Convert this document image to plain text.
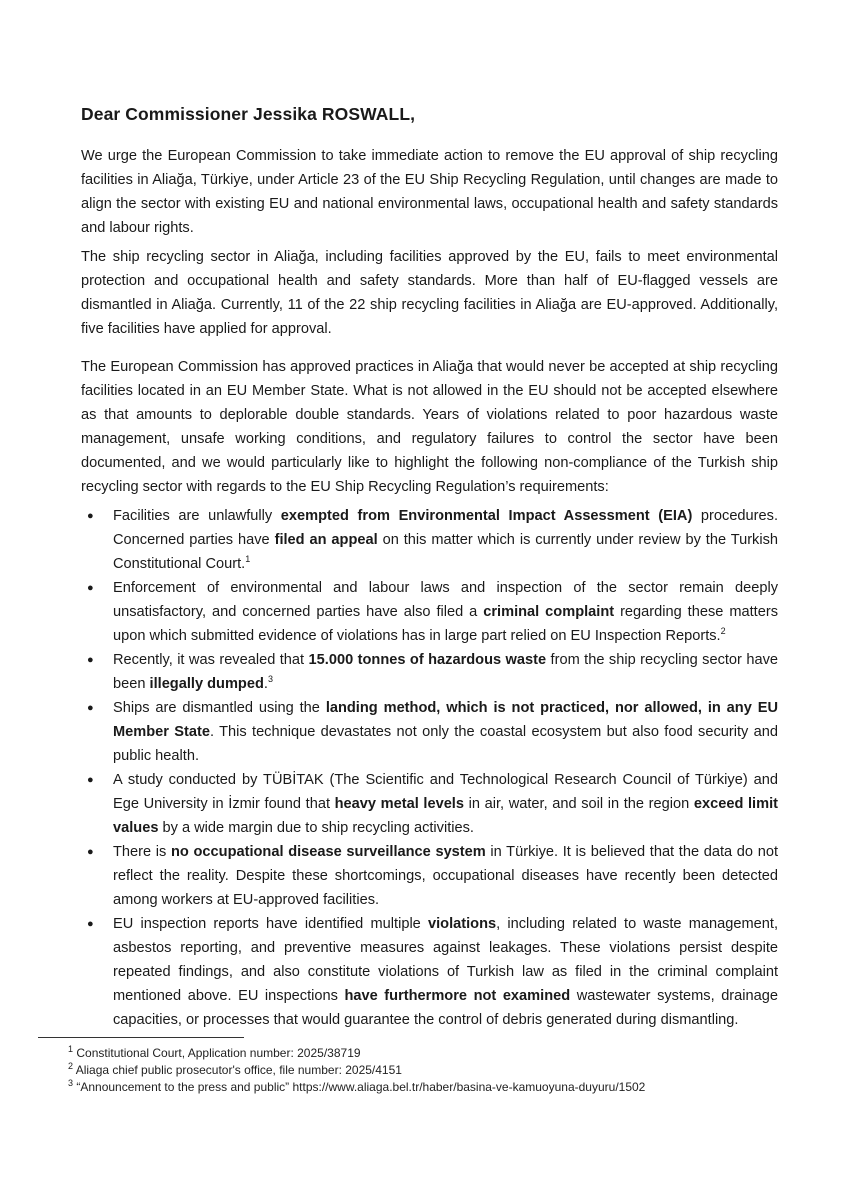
Dear Commissioner Jessika ROSWALL,

We urge the European Commission to take immediate action to remove the EU approval of ship recycling facilities in Aliağa, Türkiye, under Article 23 of the EU Ship Recycling Regulation, until changes are made to align the sector with existing EU and national environmental laws, occupational health and safety standards and labour rights.

The ship recycling sector in Aliağa, including facilities approved by the EU, fails to meet environmental protection and occupational health and safety standards. More than half of EU-flagged vessels are dismantled in Aliağa. Currently, 11 of the 22 ship recycling facilities in Aliağa are EU-approved. Additionally, five facilities have applied for approval.

The European Commission has approved practices in Aliağa that would never be accepted at ship recycling facilities located in an EU Member State. What is not allowed in the EU should not be accepted elsewhere as that amounts to deplorable double standards. Years of violations related to poor hazardous waste management, unsafe working conditions, and regulatory failures to control the sector have been documented, and we would particularly like to highlight the following non-compliance of the Turkish ship recycling sector with regards to the EU Ship Recycling Regulation’s requirements:

● Facilities are unlawfully exempted from Environmental Impact Assessment (EIA) procedures. Concerned parties have filed an appeal on this matter which is currently under review by the Turkish Constitutional Court.$^1$
● Enforcement of environmental and labour laws and inspection of the sector remain deeply unsatisfactory, and concerned parties have also filed a criminal complaint regarding these matters upon which submitted evidence of violations has in large part relied on EU Inspection Reports.$^2$
● Recently, it was revealed that 15.000 tonnes of hazardous waste from the ship recycling sector have been illegally dumped.$^3$
● Ships are dismantled using the landing method, which is not practiced, nor allowed, in any EU Member State. This technique devastates not only the coastal ecosystem but also food security and public health.
● A study conducted by TÜBİTAK (The Scientific and Technological Research Council of Türkiye) and Ege University in İzmir found that heavy metal levels in air, water, and soil in the region exceed limit values by a wide margin due to ship recycling activities.
● There is no occupational disease surveillance system in Türkiye. It is believed that the data do not reflect the reality. Despite these shortcomings, occupational diseases have recently been detected among workers at EU-approved facilities.
● EU inspection reports have identified multiple violations, including related to waste management, asbestos reporting, and preventive measures against leakages. These violations persist despite repeated findings, and also constitute violations of Turkish law as filed in the criminal complaint mentioned above. EU inspections have furthermore not examined wastewater systems, drainage capacities, or processes that would guarantee the control of debris generated during dismantling.
$^1$ Constitutional Court, Application number: 2025/38719
$^2$ Aliaga chief public prosecutor's office, file number: 2025/4151
$^3$ “Announcement to the press and public” https://www.aliaga.bel.tr/haber/basina-ve-kamuoyuna-duyuru/1502
